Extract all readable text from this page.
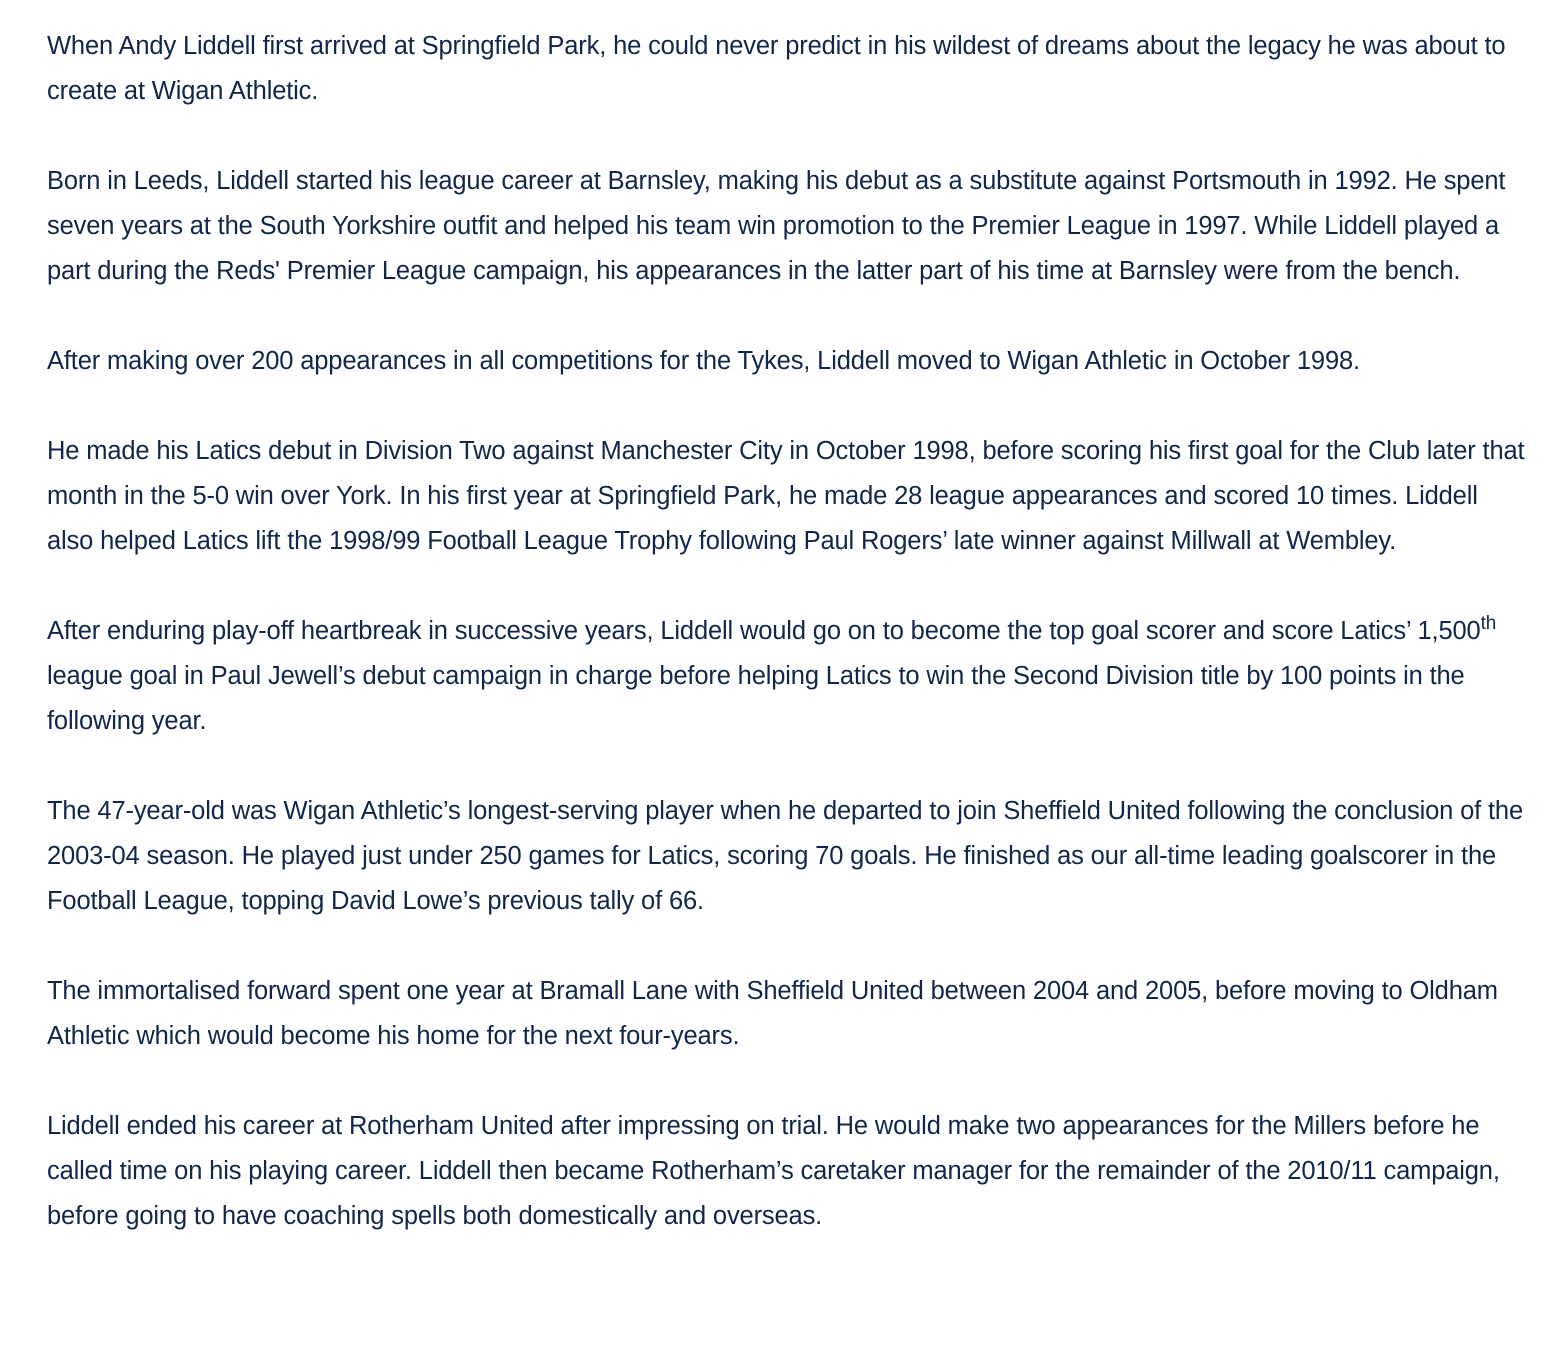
When Andy Liddell first arrived at Springfield Park, he could never predict in his wildest of dreams about the legacy he was about to create at Wigan Athletic.

Born in Leeds, Liddell started his league career at Barnsley, making his debut as a substitute against Portsmouth in 1992. He spent seven years at the South Yorkshire outfit and helped his team win promotion to the Premier League in 1997. While Liddell played a part during the Reds' Premier League campaign, his appearances in the latter part of his time at Barnsley were from the bench.

After making over 200 appearances in all competitions for the Tykes, Liddell moved to Wigan Athletic in October 1998.

He made his Latics debut in Division Two against Manchester City in October 1998, before scoring his first goal for the Club later that month in the 5-0 win over York. In his first year at Springfield Park, he made 28 league appearances and scored 10 times. Liddell also helped Latics lift the 1998/99 Football League Trophy following Paul Rogers’ late winner against Millwall at Wembley.

After enduring play-off heartbreak in successive years, Liddell would go on to become the top goal scorer and score Latics’ 1,500th league goal in Paul Jewell’s debut campaign in charge before helping Latics to win the Second Division title by 100 points in the following year.

The 47-year-old was Wigan Athletic’s longest-serving player when he departed to join Sheffield United following the conclusion of the 2003-04 season. He played just under 250 games for Latics, scoring 70 goals. He finished as our all-time leading goalscorer in the Football League, topping David Lowe’s previous tally of 66.

The immortalised forward spent one year at Bramall Lane with Sheffield United between 2004 and 2005, before moving to Oldham Athletic which would become his home for the next four-years.

Liddell ended his career at Rotherham United after impressing on trial. He would make two appearances for the Millers before he called time on his playing career. Liddell then became Rotherham’s caretaker manager for the remainder of the 2010/11 campaign, before going to have coaching spells both domestically and overseas.
